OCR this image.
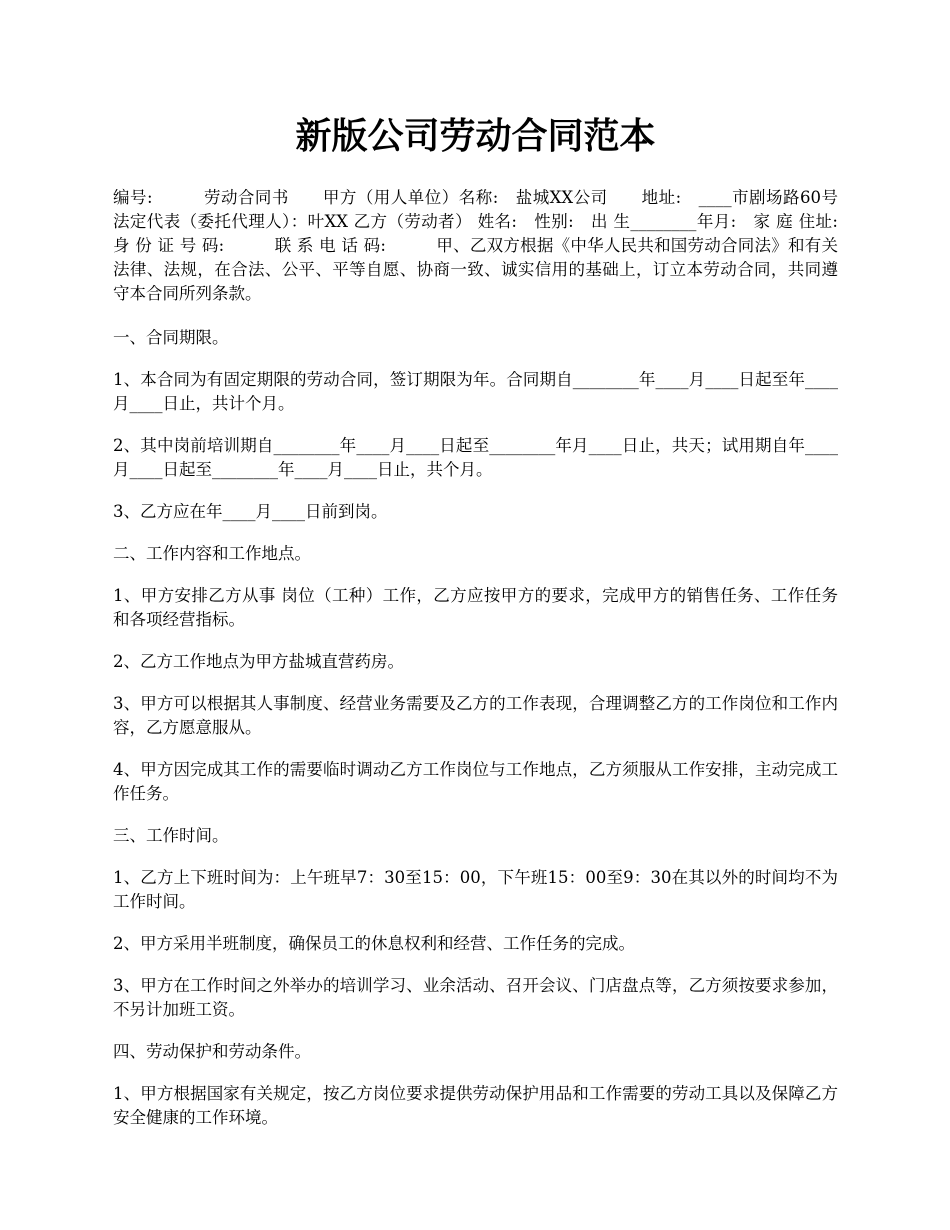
新版公司劳动合同范本

编号:　　　劳动合同书　　甲方（用人单位）名称:　盐城XX公司　　地址:　____市剧场路60号 法定代表（委托代理人）：叶XX 乙方（劳动者） 姓名:　性别:　出 生________年月:　家 庭 住址:　身 份 证 号 码:　　　联 系 电 话 码:　　　甲、乙双方根据《中华人民共和国劳动合同法》和有关法律、法规，在合法、公平、平等自愿、协商一致、诚实信用的基础上，订立本劳动合同，共同遵守本合同所列条款。

一、合同期限。

1、本合同为有固定期限的劳动合同，签订期限为年。合同期自________年____月____日起至年____月____日止，共计个月。

2、其中岗前培训期自________年____月____日起至________年月____日止，共天；试用期自年____月____日起至________年____月____日止，共个月。

3、乙方应在年____月____日前到岗。

二、工作内容和工作地点。

1、甲方安排乙方从事 岗位（工种）工作，乙方应按甲方的要求，完成甲方的销售任务、工作任务和各项经营指标。

2、乙方工作地点为甲方盐城直营药房。

3、甲方可以根据其人事制度、经营业务需要及乙方的工作表现，合理调整乙方的工作岗位和工作内容，乙方愿意服从。

4、甲方因完成其工作的需要临时调动乙方工作岗位与工作地点，乙方须服从工作安排，主动完成工作任务。

三、工作时间。

1、乙方上下班时间为：上午班早7：30至15：00，下午班15：00至9：30在其以外的时间均不为工作时间。

2、甲方采用半班制度，确保员工的休息权利和经营、工作任务的完成。

3、甲方在工作时间之外举办的培训学习、业余活动、召开会议、门店盘点等，乙方须按要求参加，不另计加班工资。

四、劳动保护和劳动条件。

1、甲方根据国家有关规定，按乙方岗位要求提供劳动保护用品和工作需要的劳动工具以及保障乙方安全健康的工作环境。
